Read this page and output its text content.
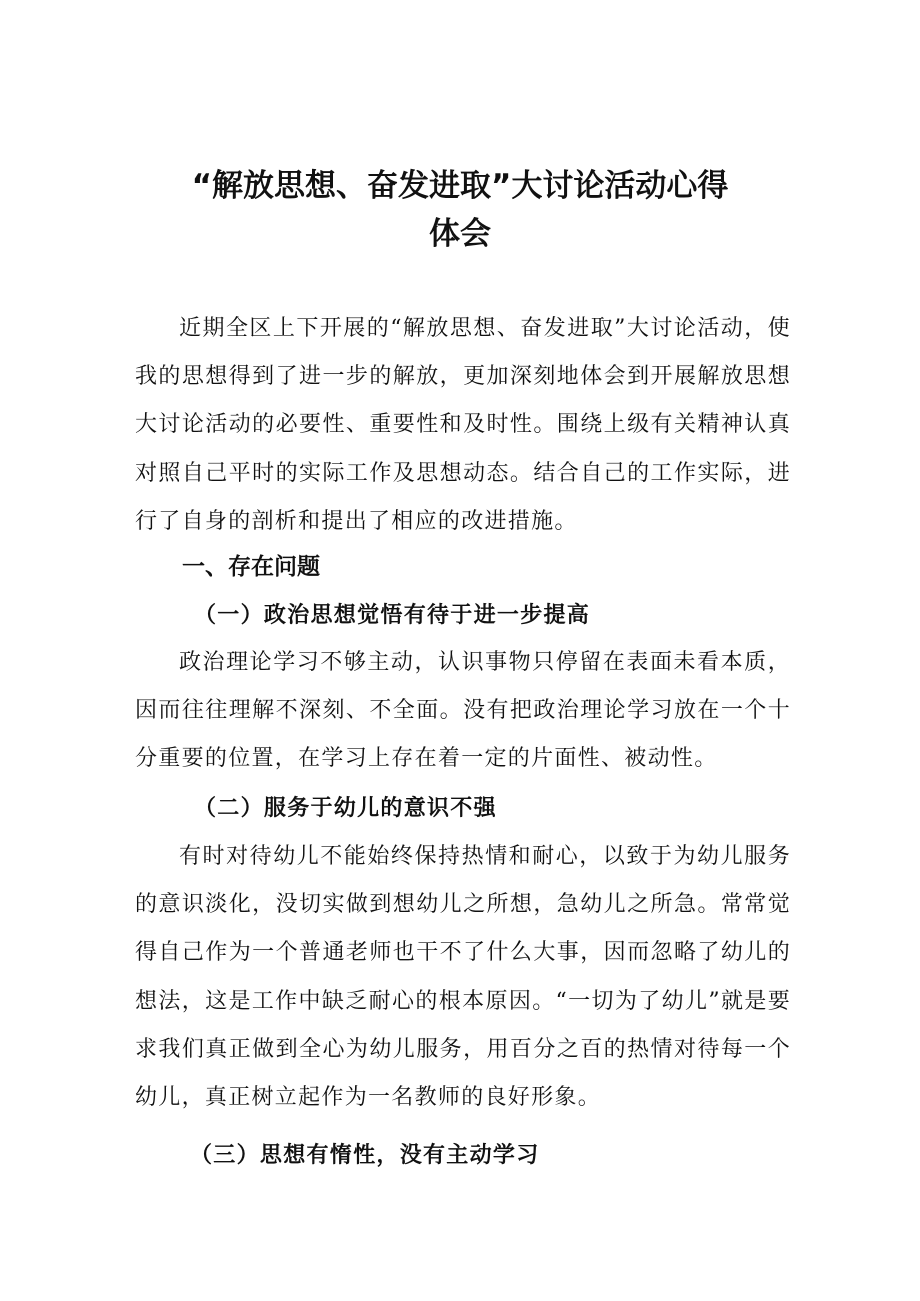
“解放思想、奋发进取”大讨论活动心得
体会

近期全区上下开展的“解放思想、奋发进取”大讨论活动，使我的思想得到了进一步的解放，更加深刻地体会到开展解放思想大讨论活动的必要性、重要性和及时性。围绕上级有关精神认真对照自己平时的实际工作及思想动态。结合自己的工作实际，进行了自身的剖析和提出了相应的改进措施。

一、存在问题
（一）政治思想觉悟有待于进一步提高

政治理论学习不够主动，认识事物只停留在表面未看本质，因而往往理解不深刻、不全面。没有把政治理论学习放在一个十分重要的位置，在学习上存在着一定的片面性、被动性。

（二）服务于幼儿的意识不强

有时对待幼儿不能始终保持热情和耐心，以致于为幼儿服务的意识淡化，没切实做到想幼儿之所想，急幼儿之所急。常常觉得自己作为一个普通老师也干不了什么大事，因而忽略了幼儿的想法，这是工作中缺乏耐心的根本原因。“一切为了幼儿”就是要求我们真正做到全心为幼儿服务，用百分之百的热情对待每一个幼儿，真正树立起作为一名教师的良好形象。

（三）思想有惰性，没有主动学习
